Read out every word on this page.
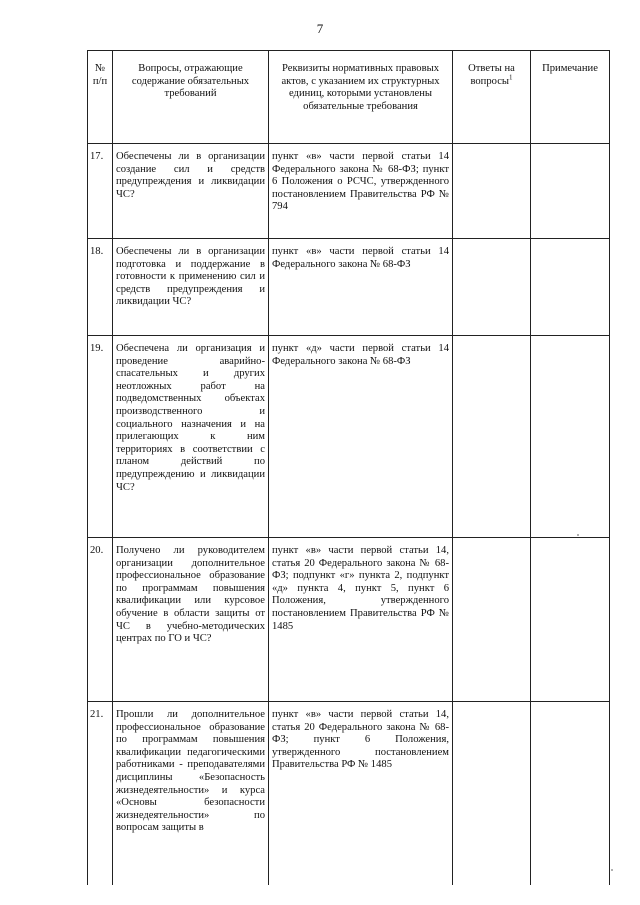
7
№ п/п	Вопросы, отражающие содержание обязательных требований	Реквизиты нормативных правовых актов, с указанием их структурных единиц, которыми установлены обязательные требования	Ответы на вопросы$^1$	Примечание
17.	Обеспечены ли в организации создание сил и средств предупреждения и ликвидации ЧС?	пункт «в» части первой статьи 14 Федерального закона № 68-ФЗ; пункт 6 Положения о РСЧС, утвержденного постановлением Правительства РФ № 794		
18.	Обеспечены ли в организации подготовка и поддержание в готовности к применению сил и средств предупреждения и ликвидации ЧС?	пункт «в» части первой статьи 14 Федерального закона № 68-ФЗ		
19.	Обеспечена ли организация и проведение аварийно-спасательных и других неотложных работ на подведомственных объектах производственного и социального назначения и на прилегающих к ним территориях в соответствии с планом действий по предупреждению и ликвидации ЧС?	пункт «д» части первой статьи 14 Федерального закона № 68-ФЗ		
20.	Получено ли руководителем организации дополнительное профессиональное образование по программам повышения квалификации или курсовое обучение в области защиты от ЧС в учебно-методических центрах по ГО и ЧС?	пункт «в» части первой статьи 14, статья 20 Федерального закона № 68-ФЗ; подпункт «г» пункта 2, подпункт «д» пункта 4, пункт 5, пункт 6 Положения, утвержденного постановлением Правительства РФ № 1485		
21.	Прошли ли дополнительное профессиональное образование по программам повышения квалификации педагогическими работниками - преподавателями дисциплины «Безопасность жизнедеятельности» и курса «Основы безопасности жизнедеятельности» по вопросам защиты в	пункт «в» части первой статьи 14, статья 20 Федерального закона № 68-ФЗ; пункт 6 Положения, утвержденного постановлением Правительства РФ № 1485		
